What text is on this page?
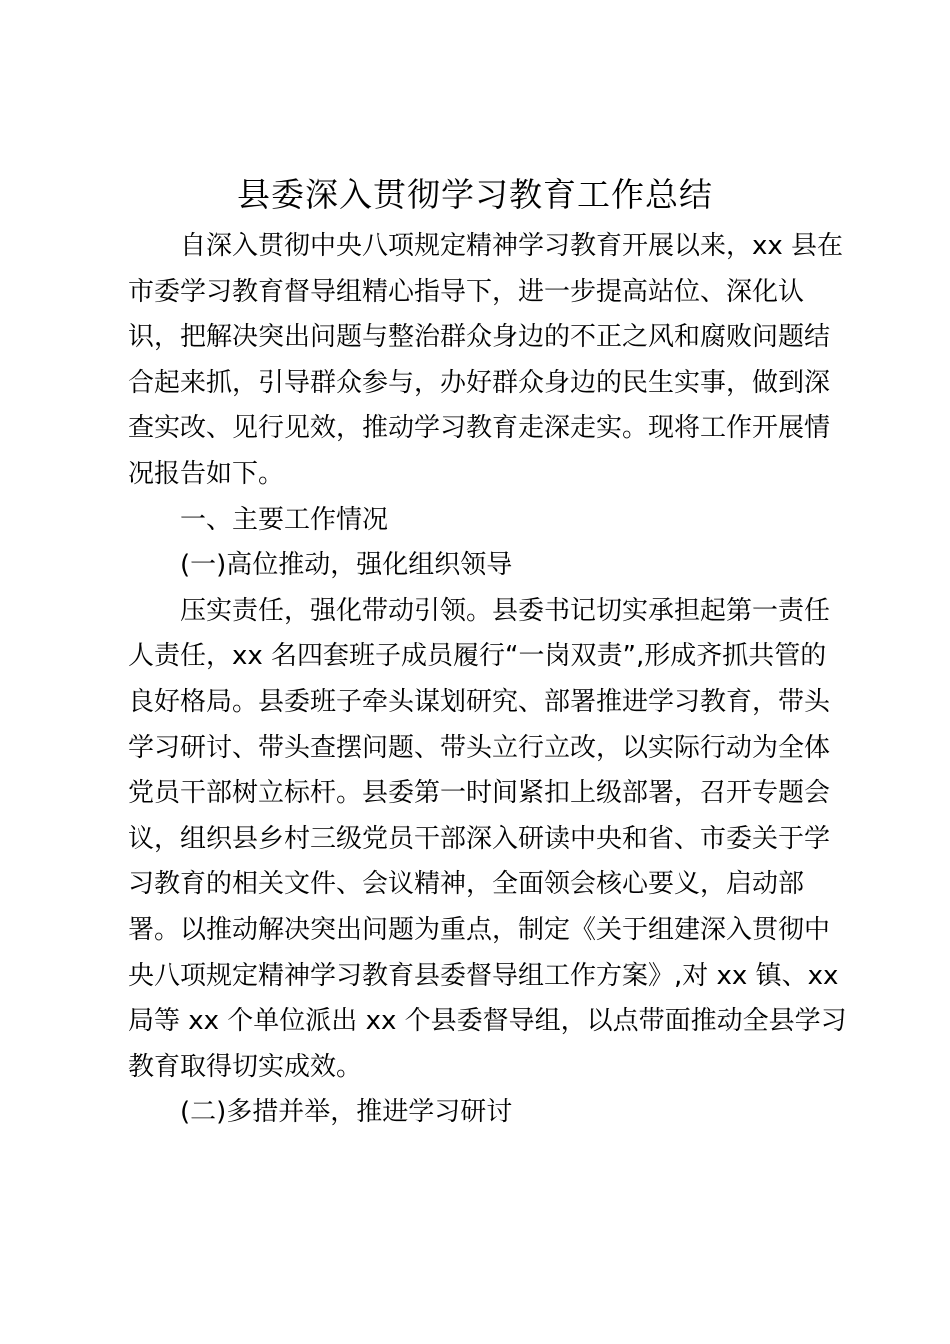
县委深入贯彻学习教育工作总结
自深入贯彻中央八项规定精神学习教育开展以来，xx 县在
市委学习教育督导组精心指导下，进一步提高站位、深化认
识，把解决突出问题与整治群众身边的不正之风和腐败问题结
合起来抓，引导群众参与，办好群众身边的民生实事，做到深
查实改、见行见效，推动学习教育走深走实。现将工作开展情
况报告如下。
一、主要工作情况
(一)高位推动，强化组织领导
压实责任，强化带动引领。县委书记切实承担起第一责任
人责任，xx 名四套班子成员履行“一岗双责”,形成齐抓共管的
良好格局。县委班子牵头谋划研究、部署推进学习教育，带头
学习研讨、带头查摆问题、带头立行立改，以实际行动为全体
党员干部树立标杆。县委第一时间紧扣上级部署，召开专题会
议，组织县乡村三级党员干部深入研读中央和省、市委关于学
习教育的相关文件、会议精神，全面领会核心要义，启动部
署。以推动解决突出问题为重点，制定《关于组建深入贯彻中
央八项规定精神学习教育县委督导组工作方案》,对 xx 镇、xx
局等 xx 个单位派出 xx 个县委督导组，以点带面推动全县学习
教育取得切实成效。
(二)多措并举，推进学习研讨
